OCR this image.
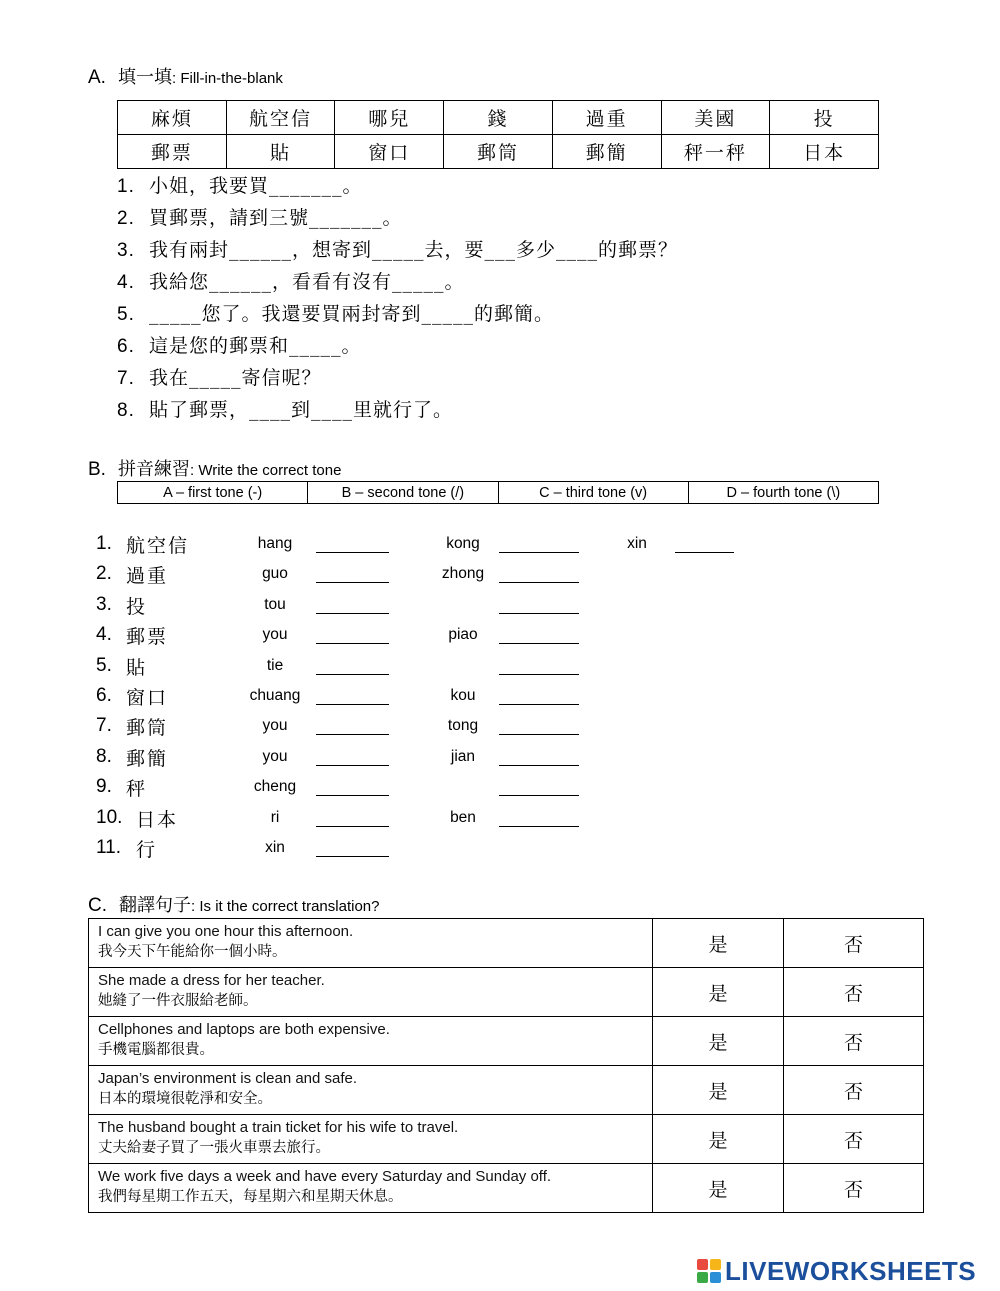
A. 填一填: Fill-in-the-blank
麻煩	航空信	哪兒	錢	過重	美國	投
郵票	貼	窗口	郵筒	郵簡	秤一秤	日本
1. 小姐，我要買_______。
2. 買郵票，請到三號_______。
3. 我有兩封______，想寄到_____去，要___多少____的郵票？
4. 我給您______，看看有沒有_____。
5. _____您了。我還要買兩封寄到_____的郵簡。
6. 這是您的郵票和_____。
7. 我在_____寄信呢？
8. 貼了郵票，____到____里就行了。
B. 拼音練習: Write the correct tone
A – first tone (-)	B – second tone (/)	C – third tone (v)	D – fourth tone (\)
1. 航空信	hang	kong	xin
2. 過重	guo	zhong
3. 投	tou
4. 郵票	you	piao
5. 貼	tie
6. 窗口	chuang	kou
7. 郵筒	you	tong
8. 郵簡	you	jian
9. 秤	cheng
10. 日本	ri	ben
11. 行	xin
C. 翻譯句子: Is it the correct translation?
I can give you one hour this afternoon.
我今天下午能給你一個小時。	是	否

She made a dress for her teacher.
她縫了一件衣服給老師。	是	否

Cellphones and laptops are both expensive.
手機電腦都很貴。	是	否

Japan’s environment is clean and safe.
日本的環境很乾淨和安全。	是	否

The husband bought a train ticket for his wife to travel.
丈夫給妻子買了一張火車票去旅行。	是	否

We work five days a week and have every Saturday and Sunday off.
我們每星期工作五天，每星期六和星期天休息。	是	否
LIVEWORKSHEETS
